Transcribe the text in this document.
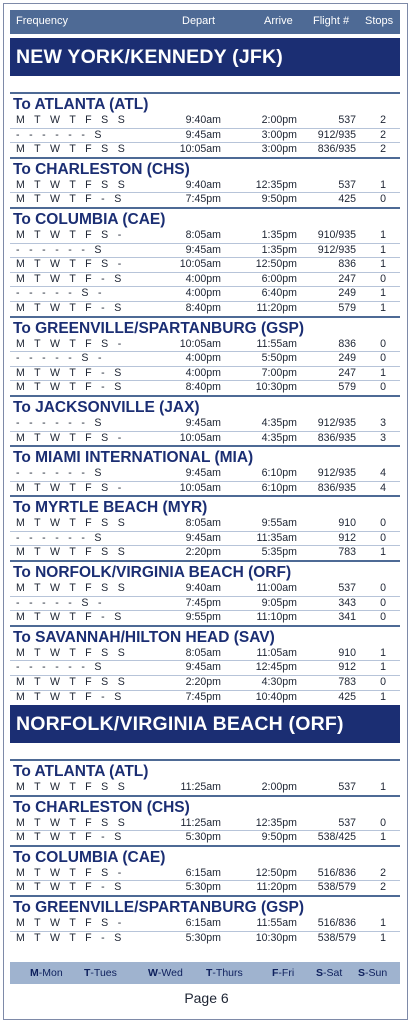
Frequency	Depart	Arrive Flight # Stops
NEW YORK/KENNEDY (JFK)
To ATLANTA (ATL)
M T W T F S S	9:40am	2:00pm	537 2
- - - - - - S	9:45am	3:00pm 912/935 2
M T W T F S S	10:05am	3:00pm 836/935 2
To CHARLESTON (CHS)
M T W T F S S	9:40am	12:35pm	537 1
M T W T F - S	7:45pm	9:50pm	425 0
To COLUMBIA (CAE)
M T W T F S -	8:05am	1:35pm 910/935 1
- - - - - - S	9:45am	1:35pm 912/935 1
M T W T F S -	10:05am	12:50pm	836 1
M T W T F - S	4:00pm	6:00pm	247 0
- - - - - S -	4:00pm	6:40pm	249 1
M T W T F - S	8:40pm	11:20pm	579 1
To GREENVILLE/SPARTANBURG (GSP)
M T W T F S -	10:05am	11:55am	836 0
- - - - - S -	4:00pm	5:50pm	249 0
M T W T F - S	4:00pm	7:00pm	247 1
M T W T F - S	8:40pm	10:30pm	579 0
To JACKSONVILLE (JAX)
- - - - - - S	9:45am	4:35pm 912/935 3
M T W T F S -	10:05am	4:35pm 836/935 3
To MIAMI INTERNATIONAL (MIA)
- - - - - - S	9:45am	6:10pm 912/935 4
M T W T F S -	10:05am	6:10pm 836/935 4
To MYRTLE BEACH (MYR)
M T W T F S S	8:05am	9:55am	910 0
- - - - - - S	9:45am	11:35am	912 0
M T W T F S S	2:20pm	5:35pm	783 1
To NORFOLK/VIRGINIA BEACH (ORF)
M T W T F S S	9:40am	11:00am	537 0
- - - - - S -	7:45pm	9:05pm	343 0
M T W T F - S	9:55pm	11:10pm	341 0
To SAVANNAH/HILTON HEAD (SAV)
M T W T F S S	8:05am	11:05am	910 1
- - - - - - S	9:45am	12:45pm	912 1
M T W T F S S	2:20pm	4:30pm	783 0
M T W T F - S	7:45pm	10:40pm	425 1
NORFOLK/VIRGINIA BEACH (ORF)
To ATLANTA (ATL)
M T W T F S S	11:25am	2:00pm	537 1
To CHARLESTON (CHS)
M T W T F S S	11:25am	12:35pm	537 0
M T W T F - S	5:30pm	9:50pm 538/425 1
To COLUMBIA (CAE)
M T W T F S -	6:15am	12:50pm 516/836 2
M T W T F - S	5:30pm	11:20pm 538/579 2
To GREENVILLE/SPARTANBURG (GSP)
M T W T F S -	6:15am	11:55am 516/836 1
M T W T F - S	5:30pm	10:30pm 538/579 1
M-Mon T-Tues	W-Wed T-Thurs	F-Fri S-Sat S-Sun
Page 6
